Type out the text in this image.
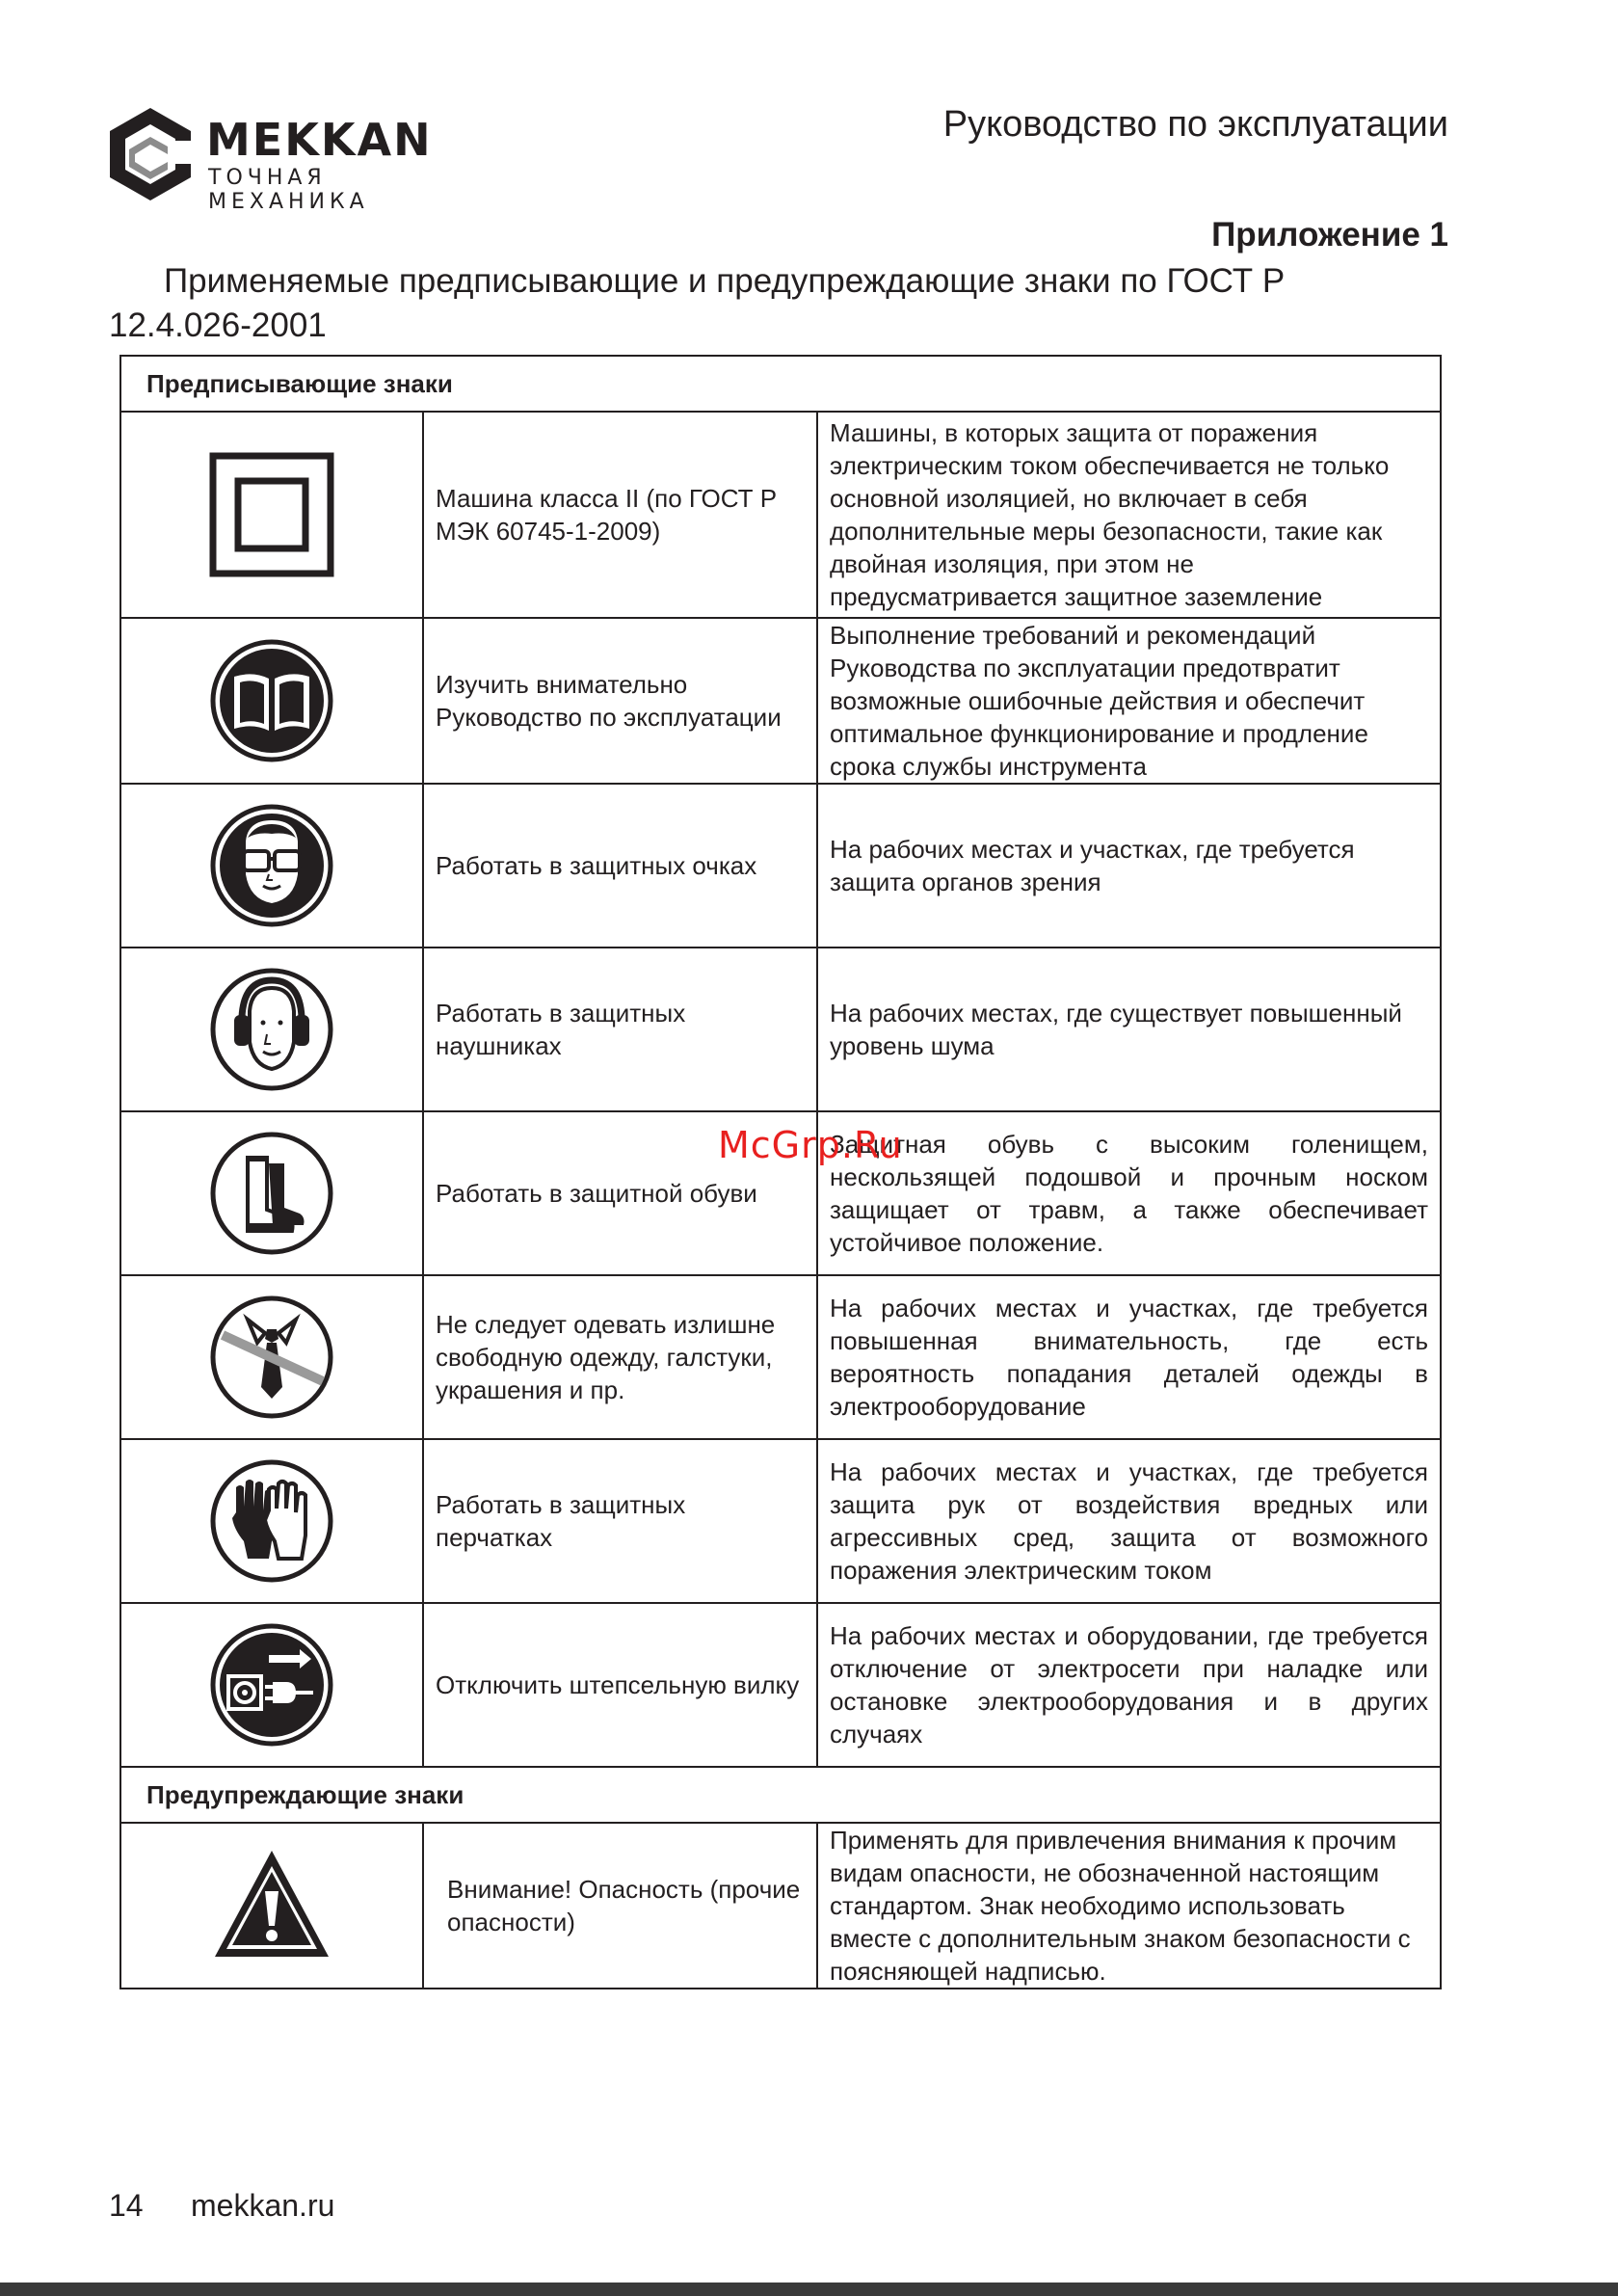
MEKKAN
ТОЧНАЯ МЕХАНИКА
Руководство по эксплуатации
Приложение 1
Применяемые предписывающие и предупреждающие знаки по ГОСТ Р
12.4.026-2001
Предписывающие знаки		

	Машина класса II (по ГОСТ Р МЭК 60745-1-2009)	Машины, в которых защита от поражения электрическим током обеспечивается не только основной изоляцией, но включает в себя дополнительные меры безопасности, такие как двойная изоляция, при этом не предусматривается защитное заземление

	Изучить внимательно Руководство по эксплуатации	Выполнение требований и рекомендаций Руководства по эксплуатации предотвратит возможные ошибочные действия и обеспечит оптимальное функционирование и продление срока службы инструмента

	Работать в защитных очках	На рабочих местах и участках, где требуется защита органов зрения

	Работать в защитных наушниках	На рабочих местах, где существует повышенный уровень шума

	Работать в защитной обуви	Защитная обувь с высоким голенищем, нескользящей подошвой и прочным носком защищает от травм, а также обеспечивает устойчивое положение.

	Не следует одевать излишне свободную одежду, галстуки, украшения и пр.	На рабочих местах и участках, где требуется повышенная внимательность, где есть вероятность попадания деталей одежды в электрооборудование

	Работать в защитных перчатках	На рабочих местах и участках, где требуется защита рук от воздействия вредных или агрессивных сред, защита от возможного поражения электрическим током

	Отключить штепсельную вилку	На рабочих местах и оборудовании, где требуется отключение от электросети при наладке или остановке электрооборудования и в других случаях
Предупреждающие знаки		

	Внимание! Опасность (прочие опасности)	Применять для привлечения внимания к прочим видам опасности, не обозначенной настоящим стандартом. Знак необходимо использовать вместе с дополнительным знаком безопасности с поясняющей надписью.
McGrp.Ru
14 mekkan.ru
